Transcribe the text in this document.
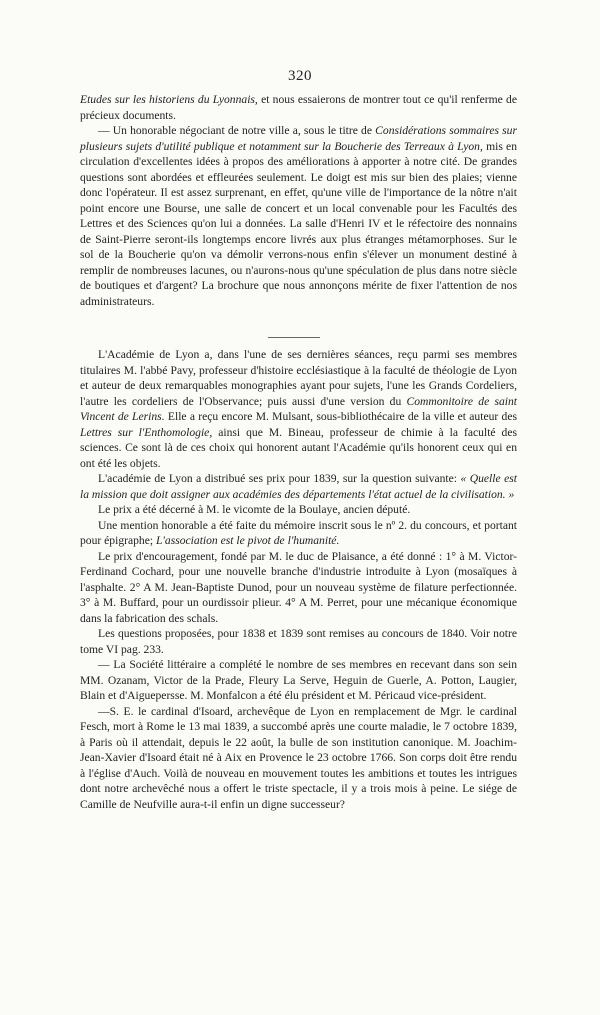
320

Etudes sur les historiens du Lyonnais, et nous essaierons de montrer tout ce qu'il renferme de précieux documents.

— Un honorable négociant de notre ville a, sous le titre de Considérations sommaires sur plusieurs sujets d'utilité publique et notamment sur la Boucherie des Terreaux à Lyon, mis en circulation d'excellentes idées à propos des améliorations à apporter à notre cité. De grandes questions sont abordées et effleurées seulement. Le doigt est mis sur bien des plaies; vienne donc l'opérateur. Il est assez surprenant, en effet, qu'une ville de l'importance de la nôtre n'ait point encore une Bourse, une salle de concert et un local convenable pour les Facultés des Lettres et des Sciences qu'on lui a données. La salle d'Henri IV et le réfectoire des nonnains de Saint-Pierre seront-ils longtemps encore livrés aux plus étranges métamorphoses. Sur le sol de la Boucherie qu'on va démolir verrons-nous enfin s'élever un monument destiné à remplir de nombreuses lacunes, ou n'aurons-nous qu'une spéculation de plus dans notre siècle de boutiques et d'argent? La brochure que nous annonçons mérite de fixer l'attention de nos administrateurs.

L'Académie de Lyon a, dans l'une de ses dernières séances, reçu parmi ses membres titulaires M. l'abbé Pavy, professeur d'histoire ecclésiastique à la faculté de théologie de Lyon et auteur de deux remarquables monographies ayant pour sujets, l'une les Grands Cordeliers, l'autre les cordeliers de l'Observance; puis aussi d'une version du Commonitoire de saint Vincent de Lerins. Elle a reçu encore M. Mulsant, sous-bibliothécaire de la ville et auteur des Lettres sur l'Enthomologie, ainsi que M. Bineau, professeur de chimie à la faculté des sciences. Ce sont là de ces choix qui honorent autant l'Académie qu'ils honorent ceux qui en ont été les objets.

L'académie de Lyon a distribué ses prix pour 1839, sur la question suivante: « Quelle est la mission que doit assigner aux académies des départements l'état actuel de la civilisation. »

Le prix a été décerné à M. le vicomte de la Boulaye, ancien député.

Une mention honorable a été faite du mémoire inscrit sous le nº 2. du concours, et portant pour épigraphe; L'association est le pivot de l'humanité.

Le prix d'encouragement, fondé par M. le duc de Plaisance, a été donné : 1° à M. Victor-Ferdinand Cochard, pour une nouvelle branche d'industrie introduite à Lyon (mosaïques à l'asphalte. 2° A M. Jean-Baptiste Dunod, pour un nouveau système de filature perfectionnée. 3° à M. Buffard, pour un ourdissoir plieur. 4° A M. Perret, pour une mécanique économique dans la fabrication des schals.

Les questions proposées, pour 1838 et 1839 sont remises au concours de 1840. Voir notre tome VI pag. 233.

— La Société littéraire a complété le nombre de ses membres en recevant dans son sein MM. Ozanam, Victor de la Prade, Fleury La Serve, Heguin de Guerle, A. Potton, Laugier, Blain et d'Aiguepersse. M. Monfalcon a été élu président et M. Péricaud vice-président.

—S. E. le cardinal d'Isoard, archevêque de Lyon en remplacement de Mgr. le cardinal Fesch, mort à Rome le 13 mai 1839, a succombé après une courte maladie, le 7 octobre 1839, à Paris où il attendait, depuis le 22 août, la bulle de son institution canonique. M. Joachim-Jean-Xavier d'Isoard était né à Aix en Provence le 23 octobre 1766. Son corps doit être rendu à l'église d'Auch. Voilà de nouveau en mouvement toutes les ambitions et toutes les intrigues dont notre archevêché nous a offert le triste spectacle, il y a trois mois à peine. Le siége de Camille de Neufville aura-t-il enfin un digne successeur?
